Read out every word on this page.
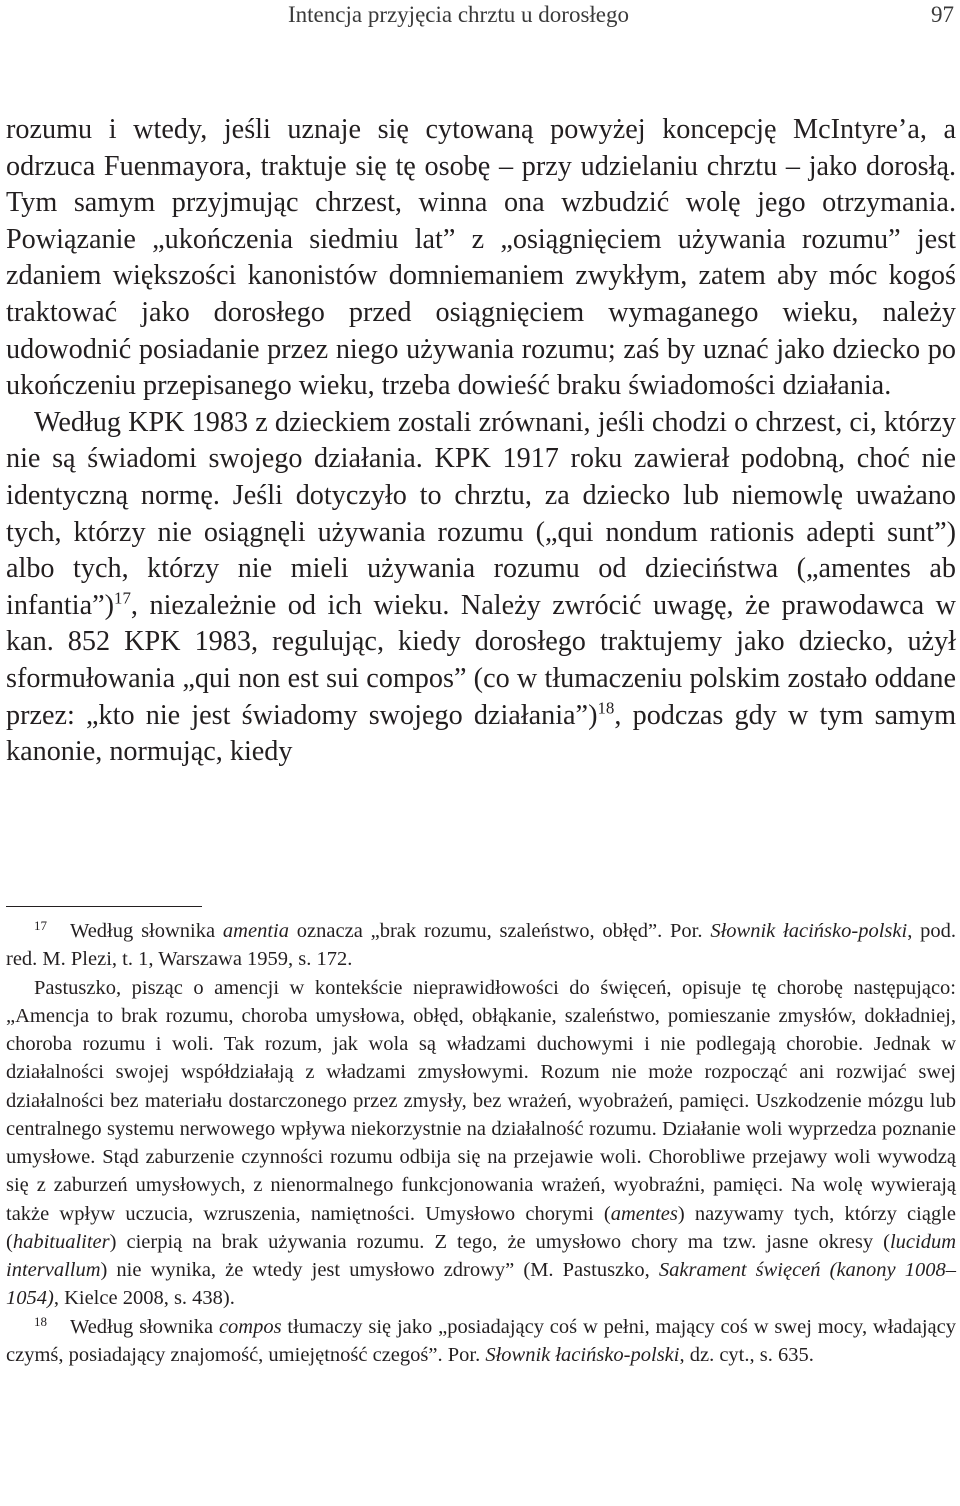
Intencja przyjęcia chrztu u dorosłego	97

rozumu i wtedy, jeśli uznaje się cytowaną powyżej koncepcję McIntyre’a, a odrzuca Fuenmayora, traktuje się tę osobę – przy udzielaniu chrztu – jako dorosłą. Tym samym przyjmując chrzest, winna ona wzbudzić wolę jego otrzymania. Powiązanie „ukończenia siedmiu lat” z „osiągnięciem używania rozumu” jest zdaniem większości kanonistów domniemaniem zwykłym, zatem aby móc kogoś traktować jako dorosłego przed osiągnięciem wymaganego wieku, należy udowodnić posiadanie przez niego używania rozumu; zaś by uznać jako dziecko po ukończeniu przepisanego wieku, trzeba dowieść braku świadomości działania.

Według KPK 1983 z dzieckiem zostali zrównani, jeśli chodzi o chrzest, ci, którzy nie są świadomi swojego działania. KPK 1917 roku zawierał podobną, choć nie identyczną normę. Jeśli dotyczyło to chrztu, za dziecko lub niemowlę uważano tych, którzy nie osiągnęli używania rozumu („qui nondum rationis adepti sunt”) albo tych, którzy nie mieli używania rozumu od dzieciństwa („amentes ab infantia”)$^{17}$, niezależnie od ich wieku. Należy zwrócić uwagę, że prawodawca w kan. 852 KPK 1983, regulując, kiedy dorosłego traktujemy jako dziecko, użył sformułowania „qui non est sui compos” (co w tłumaczeniu polskim zostało oddane przez: „kto nie jest świadomy swojego działania”)$^{18}$, podczas gdy w tym samym kanonie, normując, kiedy

17 Według słownika amentia oznacza „brak rozumu, szaleństwo, obłęd”. Por. Słownik łacińsko-polski, pod. red. M. Plezi, t. 1, Warszawa 1959, s. 172.

Pastuszko, pisząc o amencji w kontekście nieprawidłowości do święceń, opisuje tę chorobę następująco: „Amencja to brak rozumu, choroba umysłowa, obłęd, obłąkanie, szaleństwo, pomieszanie zmysłów, dokładniej, choroba rozumu i woli. Tak rozum, jak wola są władzami duchowymi i nie podlegają chorobie. Jednak w działalności swojej współdziałają z władzami zmysłowymi. Rozum nie może rozpocząć ani rozwijać swej działalności bez materiału dostarczonego przez zmysły, bez wrażeń, wyobrażeń, pamięci. Uszkodzenie mózgu lub centralnego systemu nerwowego wpływa niekorzystnie na działalność rozumu. Działanie woli wyprzedza poznanie umysłowe. Stąd zaburzenie czynności rozumu odbija się na przejawie woli. Chorobliwe przejawy woli wywodzą się z zaburzeń umysłowych, z nienormalnego funkcjonowania wrażeń, wyobraźni, pamięci. Na wolę wywierają także wpływ uczucia, wzruszenia, namiętności. Umysłowo chorymi (amentes) nazywamy tych, którzy ciągle (habitualiter) cierpią na brak używania rozumu. Z tego, że umysłowo chory ma tzw. jasne okresy (lucidum intervallum) nie wynika, że wtedy jest umysłowo zdrowy” (M. Pastuszko, Sakrament święceń (kanony 1008–1054), Kielce 2008, s. 438).

18 Według słownika compos tłumaczy się jako „posiadający coś w pełni, mający coś w swej mocy, władający czymś, posiadający znajomość, umiejętność czegoś”. Por. Słownik łacińsko-polski, dz. cyt., s. 635.
